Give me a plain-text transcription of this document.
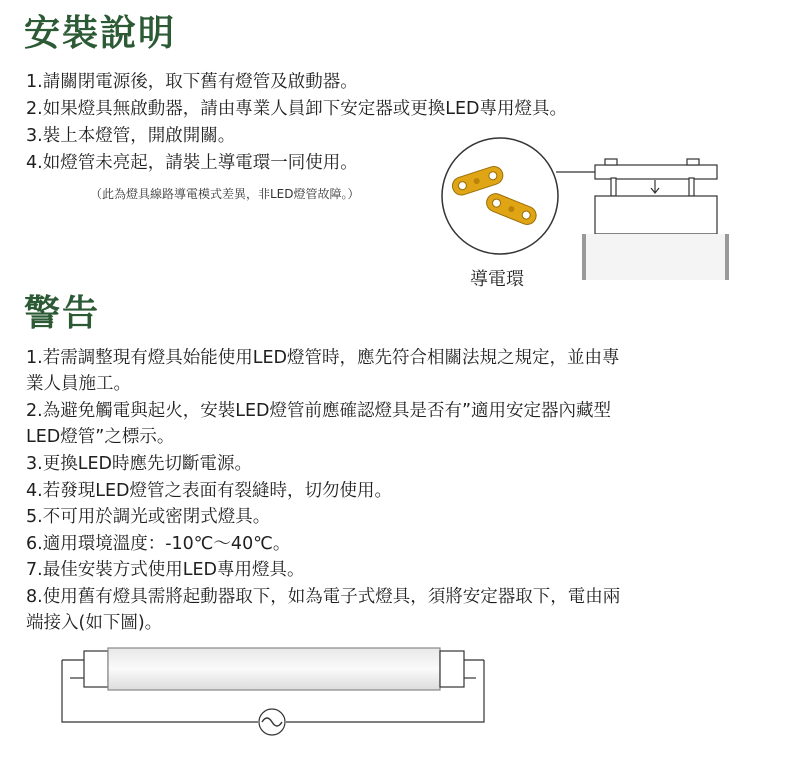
安裝說明
1.請關閉電源後，取下舊有燈管及啟動器。
2.如果燈具無啟動器，請由專業人員卸下安定器或更換LED專用燈具。
3.裝上本燈管，開啟開關。
4.如燈管未亮起，請裝上導電環一同使用。
（此為燈具線路導電模式差異，非LED燈管故障。）
導電環
警告
1.若需調整現有燈具始能使用LED燈管時，應先符合相關法規之規定，並由專
業人員施工。
2.為避免觸電與起火，安裝LED燈管前應確認燈具是否有”適用安定器內藏型
LED燈管”之標示。
3.更換LED時應先切斷電源。
4.若發現LED燈管之表面有裂縫時，切勿使用。
5.不可用於調光或密閉式燈具。
6.適用環境溫度：-10℃～40℃。
7.最佳安裝方式使用LED專用燈具。
8.使用舊有燈具需將起動器取下，如為電子式燈具，須將安定器取下，電由兩
端接入(如下圖)。
